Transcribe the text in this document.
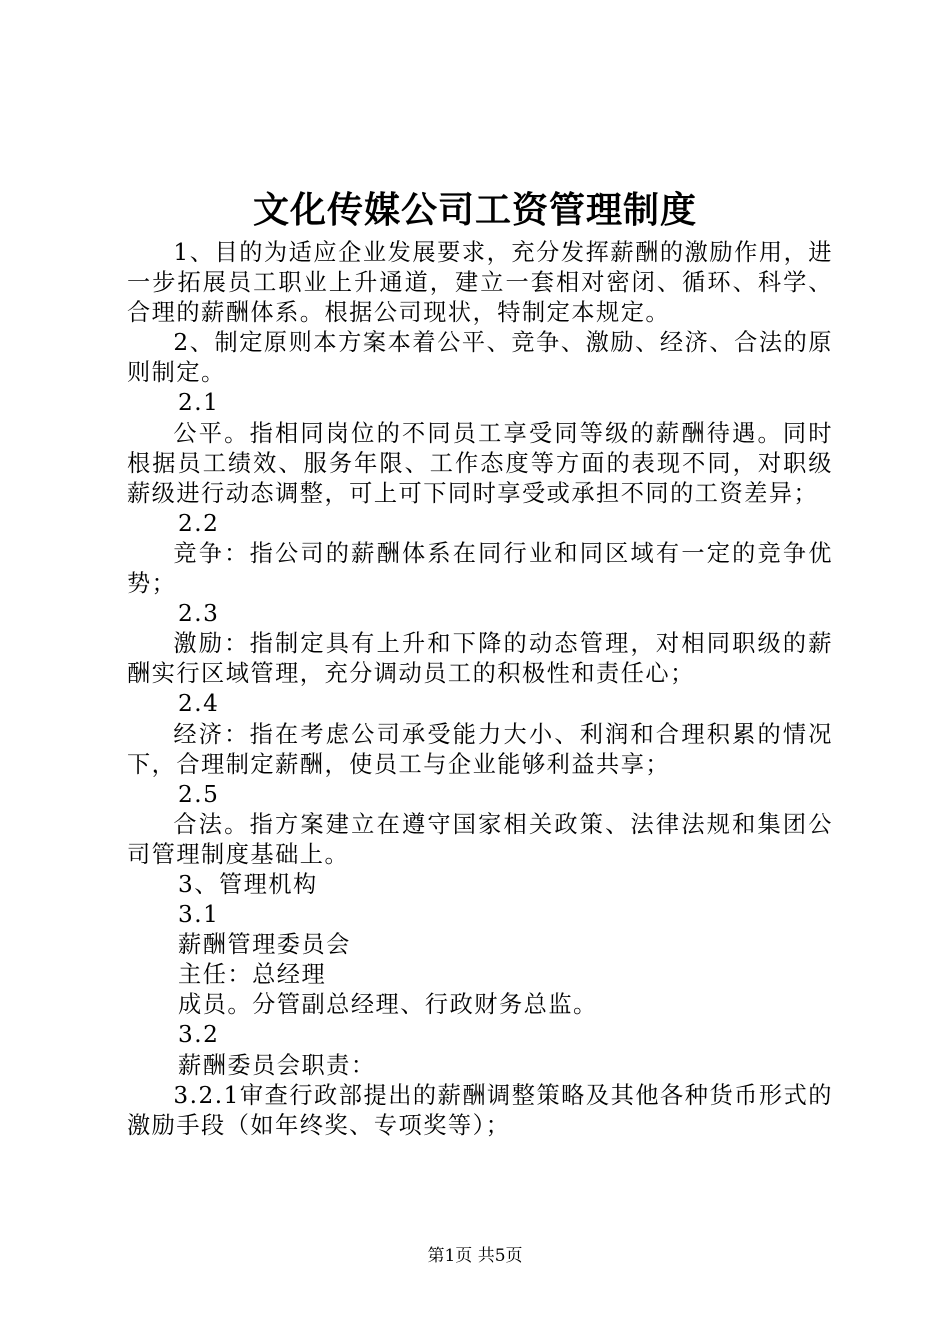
文化传媒公司工资管理制度

1、目的为适应企业发展要求，充分发挥薪酬的激励作用，进一步拓展员工职业上升通道，建立一套相对密闭、循环、科学、合理的薪酬体系。根据公司现状，特制定本规定。

2、制定原则本方案本着公平、竞争、激励、经济、合法的原则制定。

2.1

公平。指相同岗位的不同员工享受同等级的薪酬待遇。同时根据员工绩效、服务年限、工作态度等方面的表现不同，对职级薪级进行动态调整，可上可下同时享受或承担不同的工资差异；

2.2

竞争：指公司的薪酬体系在同行业和同区域有一定的竞争优势；

2.3

激励：指制定具有上升和下降的动态管理，对相同职级的薪酬实行区域管理，充分调动员工的积极性和责任心；

2.4

经济：指在考虑公司承受能力大小、利润和合理积累的情况下，合理制定薪酬，使员工与企业能够利益共享；

2.5

合法。指方案建立在遵守国家相关政策、法律法规和集团公司管理制度基础上。

3、管理机构

3.1

薪酬管理委员会

主任：总经理

成员。分管副总经理、行政财务总监。

3.2

薪酬委员会职责：

3.2.1审查行政部提出的薪酬调整策略及其他各种货币形式的激励手段（如年终奖、专项奖等）；

第1页 共5页
